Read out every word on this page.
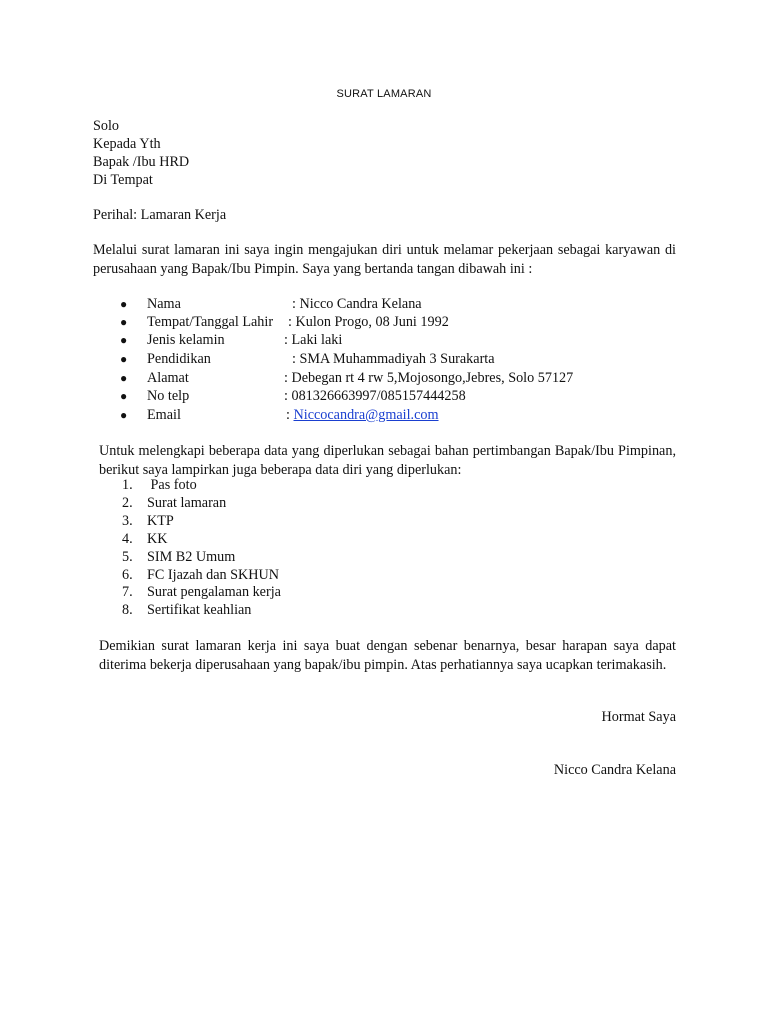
SURAT LAMARAN
Solo
Kepada Yth
Bapak /Ibu HRD
Di Tempat
Perihal: Lamaran Kerja
Melalui surat lamaran ini saya ingin mengajukan diri untuk melamar pekerjaan sebagai karyawan di perusahaan yang Bapak/Ibu Pimpin. Saya yang bertanda tangan dibawah ini :
● Nama	: Nicco Candra Kelana
● Tempat/Tanggal Lahir : Kulon Progo, 08 Juni 1992
● Jenis kelamin	: Laki laki
● Pendidikan	: SMA Muhammadiyah 3 Surakarta
● Alamat	: Debegan rt 4 rw 5,Mojosongo,Jebres, Solo 57127
● No telp	: 081326663997/085157444258
● Email	: Niccocandra@gmail.com
Untuk melengkapi beberapa data yang diperlukan sebagai bahan pertimbangan Bapak/Ibu Pimpinan, berikut saya lampirkan juga beberapa data diri yang diperlukan:
1. Pas foto
2. Surat lamaran
3. KTP
4. KK
5. SIM B2 Umum
6. FC Ijazah dan SKHUN
7. Surat pengalaman kerja
8. Sertifikat keahlian
Demikian surat lamaran kerja ini saya buat dengan sebenar benarnya, besar harapan saya dapat diterima bekerja diperusahaan yang bapak/ibu pimpin. Atas perhatiannya saya ucapkan terimakasih.
Hormat Saya
Nicco Candra Kelana
